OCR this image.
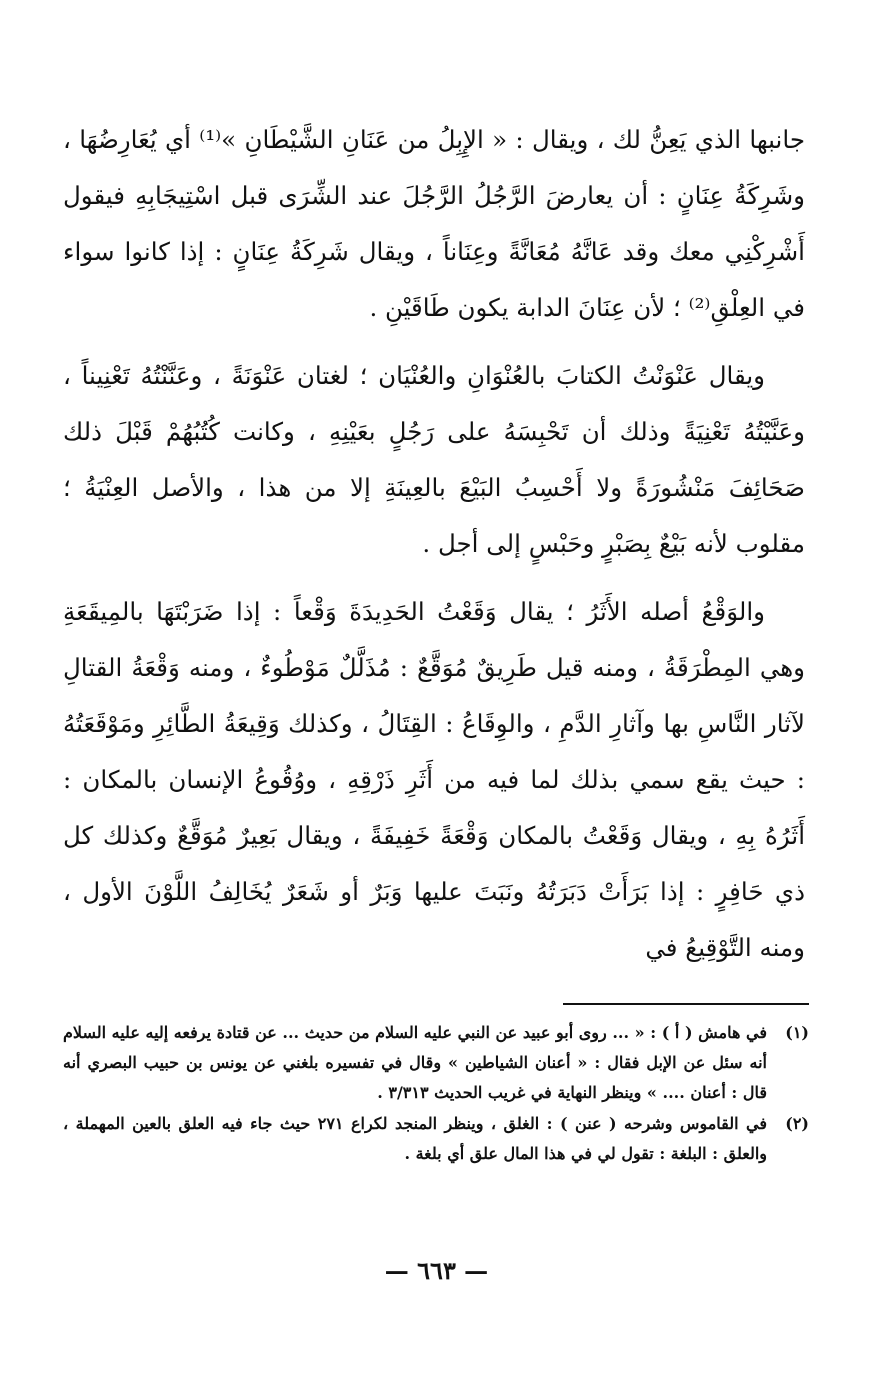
جانبها الذي يَعِنُّ لك ، ويقال : « الإِبِلُ من عَنَانِ الشَّيْطَانِ »⁽¹⁾ أي يُعَارِضُهَا ، وشَرِكَةُ عِنَانٍ : أن يعارضَ الرَّجُلُ الرَّجُلَ عند الشِّرَى قبل اسْتِيجَابِهِ فيقول أَشْرِكْنِي معك وقد عَانَّهُ مُعَانَّةً وعِنَاناً ، ويقال شَرِكَةُ عِنَانٍ : إذا كانوا سواء في العِلْقِ⁽²⁾ ؛ لأن عِنَانَ الدابة يكون طَاقَيْنِ .

ويقال عَنْوَنْتُ الكتابَ بالعُنْوَانِ والعُنْيَان ؛ لغتان عَنْوَنَةً ، وعَنَّنْتُهُ تَعْنِيناً ، وعَنَّيْتُهُ تَعْنِيَةً وذلك أن تَحْبِسَهُ على رَجُلٍ بعَيْنِهِ ، وكانت كُتُبُهُمْ قَبْلَ ذلك صَحَائِفَ مَنْشُورَةً ولا أَحْسِبُ البَيْعَ بالعِينَةِ إلا من هذا ، والأصل العِنْيَةُ ؛ مقلوب لأنه بَيْعٌ بِصَبْرٍ وحَبْسٍ إلى أجل .

والوَقْعُ أصله الأَثَرُ ؛ يقال وَقَعْتُ الحَدِيدَةَ وَقْعاً : إذا ضَرَبْتَهَا بالمِيقَعَةِ وهي المِطْرَقَةُ ، ومنه قيل طَرِيقٌ مُوَقَّعٌ : مُذَلَّلٌ مَوْطُوءٌ ، ومنه وَقْعَةُ القتالِ لآثار النَّاسِ بها وآثارِ الدَّمِ ، والوِقَاعُ : القِتَالُ ، وكذلك وَقِيعَةُ الطَّائِرِ ومَوْقَعَتُهُ : حيث يقع سمي بذلك لما فيه من أَثَرِ ذَرْقِهِ ، ووُقُوعُ الإنسان بالمكان : أَثَرُهُ بِهِ ، ويقال وَقَعْتُ بالمكان وَقْعَةً خَفِيفَةً ، ويقال بَعِيرٌ مُوَقَّعٌ وكذلك كل ذي حَافِرٍ : إذا بَرَأَتْ دَبَرَتُهُ ونَبَتَ عليها وَبَرٌ أو شَعَرٌ يُخَالِفُ اللَّوْنَ الأول ، ومنه التَّوْقِيعُ في

(١)
في هامش ( أ ) : « ... روى أبو عبيد عن النبي عليه السلام من حديث ... عن قتادة يرفعه إليه عليه السلام أنه سئل عن الإبل فقال : « أعنان الشياطين » وقال في تفسيره بلغني عن يونس بن حبيب البصري أنه قال : أعنان .... » وينظر النهاية في غريب الحديث ٣/٣١٣ .
(٢)
في القاموس وشرحه ( عنن ) : الغلق ، وينظر المنجد لكراع ٢٧١ حيث جاء فيه العلق بالعين المهملة ، والعلق : البلغة : تقول لي في هذا المال علق أي بلغة .
— ٦٦٣ —
